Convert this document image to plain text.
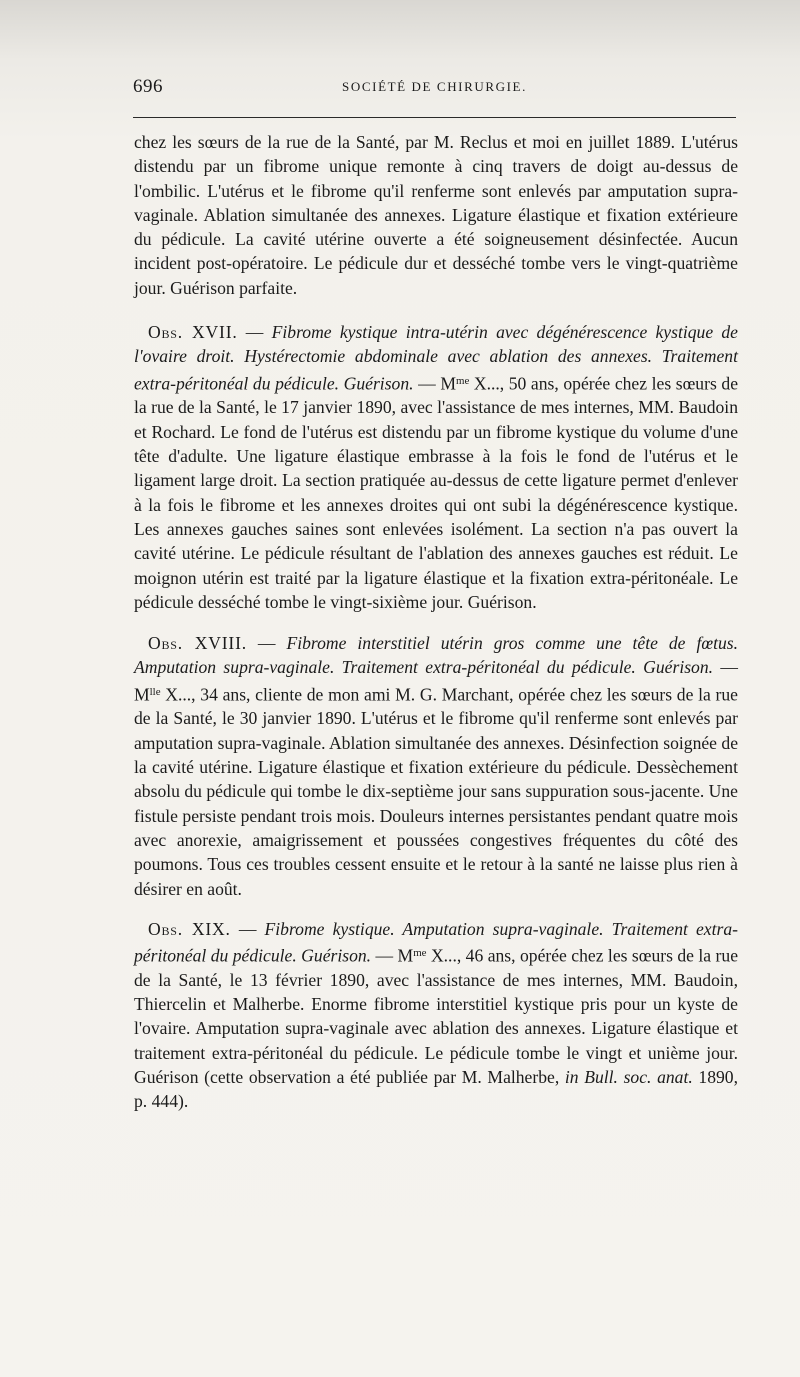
696	SOCIÉTÉ DE CHIRURGIE.

chez les sœurs de la rue de la Santé, par M. Reclus et moi en juillet 1889. L'utérus distendu par un fibrome unique remonte à cinq travers de doigt au-dessus de l'ombilic. L'utérus et le fibrome qu'il renferme sont enlevés par amputation supra-vaginale. Ablation simultanée des annexes. Ligature élastique et fixation extérieure du pédicule. La cavité utérine ouverte a été soigneusement désinfectée. Aucun incident post-opératoire. Le pédicule dur et desséché tombe vers le vingt-quatrième jour. Guérison parfaite.

Obs. XVII. — Fibrome kystique intra-utérin avec dégénérescence kystique de l'ovaire droit. Hystérectomie abdominale avec ablation des annexes. Traitement extra-péritonéal du pédicule. Guérison. — $M^{me}$ X..., 50 ans, opérée chez les sœurs de la rue de la Santé, le 17 janvier 1890, avec l'assistance de mes internes, MM. Baudoin et Rochard. Le fond de l'utérus est distendu par un fibrome kystique du volume d'une tête d'adulte. Une ligature élastique embrasse à la fois le fond de l'utérus et le ligament large droit. La section pratiquée au-dessus de cette ligature permet d'enlever à la fois le fibrome et les annexes droites qui ont subi la dégénérescence kystique. Les annexes gauches saines sont enlevées isolément. La section n'a pas ouvert la cavité utérine. Le pédicule résultant de l'ablation des annexes gauches est réduit. Le moignon utérin est traité par la ligature élastique et la fixation extra-péritonéale. Le pédicule desséché tombe le vingt-sixième jour. Guérison.

Obs. XVIII. — Fibrome interstitiel utérin gros comme une tête de fœtus. Amputation supra-vaginale. Traitement extra-péritonéal du pédicule. Guérison. — $M^{lle}$ X..., 34 ans, cliente de mon ami M. G. Marchant, opérée chez les sœurs de la rue de la Santé, le 30 janvier 1890. L'utérus et le fibrome qu'il renferme sont enlevés par amputation supra-vaginale. Ablation simultanée des annexes. Désinfection soignée de la cavité utérine. Ligature élastique et fixation extérieure du pédicule. Dessèchement absolu du pédicule qui tombe le dix-septième jour sans suppuration sous-jacente. Une fistule persiste pendant trois mois. Douleurs internes persistantes pendant quatre mois avec anorexie, amaigrissement et poussées congestives fréquentes du côté des poumons. Tous ces troubles cessent ensuite et le retour à la santé ne laisse plus rien à désirer en août.

Obs. XIX. — Fibrome kystique. Amputation supra-vaginale. Traitement extra-péritonéal du pédicule. Guérison. — $M^{me}$ X..., 46 ans, opérée chez les sœurs de la rue de la Santé, le 13 février 1890, avec l'assistance de mes internes, MM. Baudoin, Thiercelin et Malherbe. Enorme fibrome interstitiel kystique pris pour un kyste de l'ovaire. Amputation supra-vaginale avec ablation des annexes. Ligature élastique et traitement extra-péritonéal du pédicule. Le pédicule tombe le vingt et unième jour. Guérison (cette observation a été publiée par M. Malherbe, in Bull. soc. anat. 1890, p. 444).
